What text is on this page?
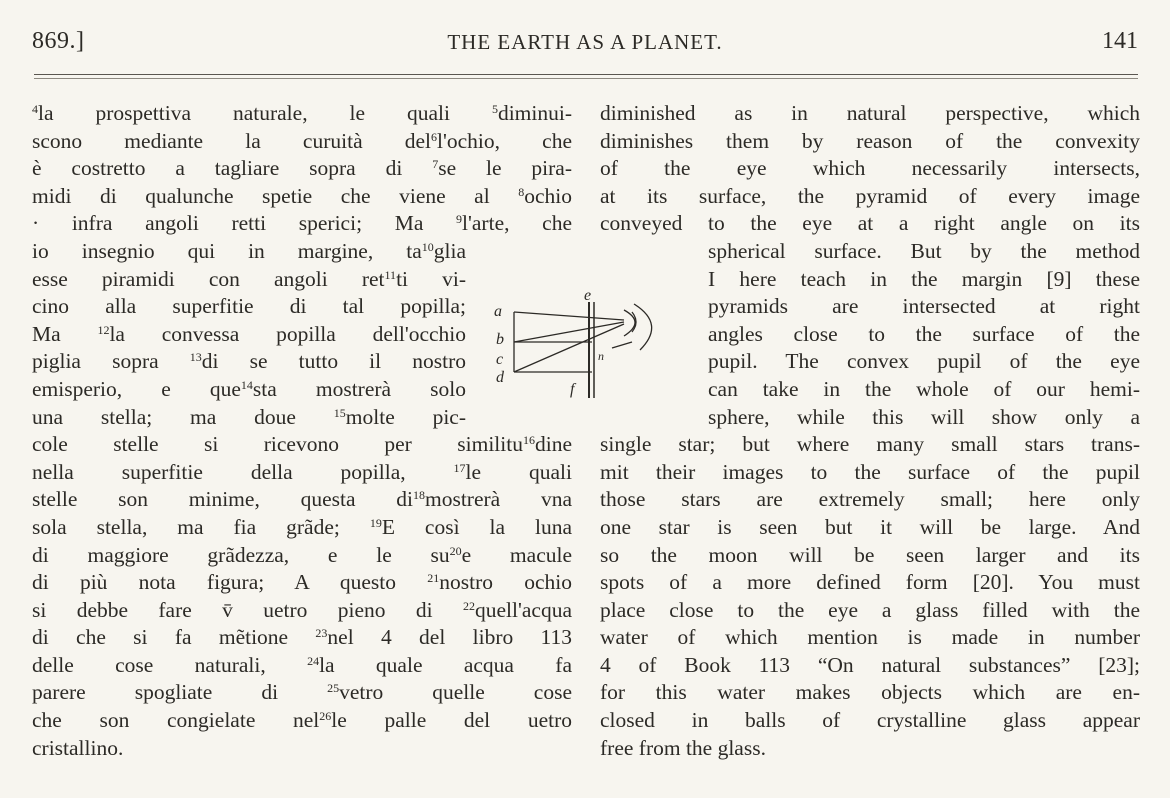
869.]	THE EARTH AS A PLANET.	141
$^4$la prospettiva naturale, le quali $^5$diminui-
scono mediante la curuità del$^6$l'ochio, che
è costretto a tagliare sopra di $^7$se le pira-
midi di qualunche spetie che viene al $^8$ochio
· infra angoli retti sperici; Ma $^9$l'arte, che
io insegnio qui in margine, $ta^{10}glia$
esse piramidi con angoli ret$^{11}$ti vi-
cino alla superfitie di tal popilla;
Ma $^{12}$la convessa popilla dell'occhio
piglia sopra $^{13}$di se tutto il nostro
emisperio, e que$^{14}$sta mostrerà solo
una stella; ma doue $^{15}$molte pic-
cole stelle si ricevono per similitu$^{16}$dine
nella superfitie della popilla, $^{17}$le quali
stelle son minime, questa $di^{18}mostrerà$ vna
sola stella, ma fia grãde; $^{19}$E così la luna
di maggiore grãdezza, e le $su^{20}e$ macule
di più nota figura; A questo $^{21}$nostro ochio
si debbe fare v̄ uetro pieno di $^{22}$quell'acqua
di che si fa mẽtione $^{23}$nel 4 del libro 113
delle cose naturali, $^{24}$la quale acqua fa
parere spogliate di $^{25}$vetro quelle cose
che son congielate nel$^{26}$le palle del uetro
cristallino.
diminished as in natural perspective, which
diminishes them by reason of the convexity
of the eye which necessarily intersects,
at its surface, the pyramid of every image
conveyed to the eye at a right angle on its
spherical surface. But by the method
I here teach in the margin [9] these
pyramids are intersected at right
angles close to the surface of the
pupil. The convex pupil of the eye
can take in the whole of our hemi-
sphere, while this will show only a
single star; but where many small stars trans-
mit their images to the surface of the pupil
those stars are extremely small; here only
one star is seen but it will be large. And
so the moon will be seen larger and its
spots of a more defined form [20]. You must
place close to the eye a glass filled with the
water of which mention is made in number
4 of Book 113 “On natural substances” [23];
for this water makes objects which are en-
closed in balls of crystalline glass appear
free from the glass.
a
b
c
d
e
f
n
